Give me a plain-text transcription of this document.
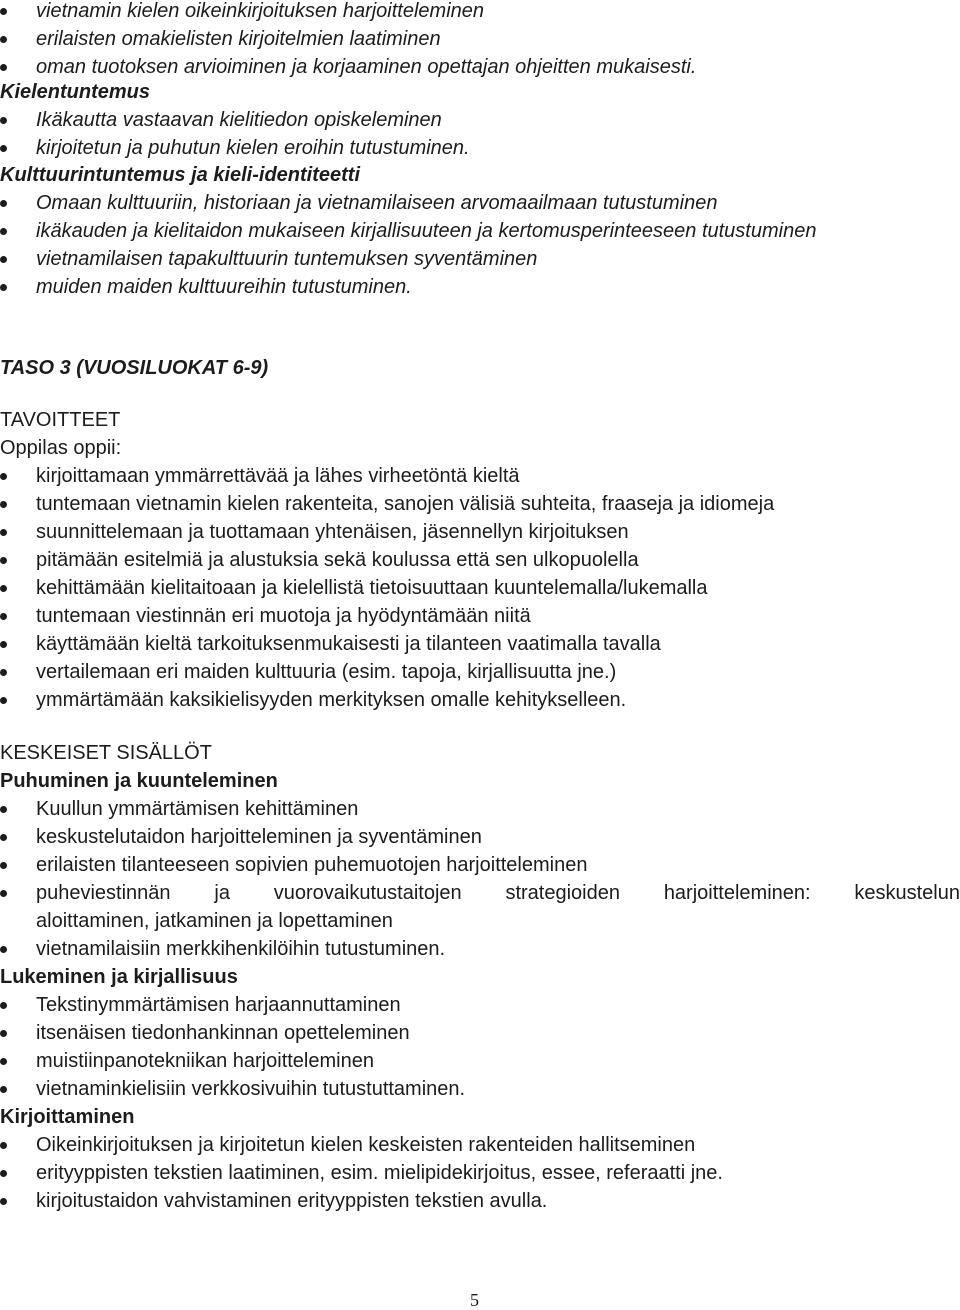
vietnamin kielen oikeinkirjoituksen harjoitteleminen
erilaisten omakielisten kirjoitelmien laatiminen
oman tuotoksen arvioiminen ja korjaaminen opettajan ohjeitten mukaisesti.
Kielentuntemus
Ikäkautta vastaavan kielitiedon opiskeleminen
kirjoitetun ja puhutun kielen eroihin tutustuminen.
Kulttuurintuntemus ja kieli-identiteetti
Omaan kulttuuriin, historiaan ja vietnamilaiseen arvomaailmaan tutustuminen
ikäkauden ja kielitaidon mukaiseen kirjallisuuteen ja kertomusperinteeseen tutustuminen
vietnamilaisen tapakulttuurin tuntemuksen syventäminen
muiden maiden kulttuureihin tutustuminen.
TASO 3 (VUOSILUOKAT 6-9)
TAVOITTEET
Oppilas oppii:
kirjoittamaan ymmärrettävää ja lähes virheetöntä kieltä
tuntemaan vietnamin kielen rakenteita, sanojen välisiä suhteita, fraaseja ja idiomeja
suunnittelemaan ja tuottamaan yhtenäisen, jäsennellyn kirjoituksen
pitämään esitelmiä ja alustuksia sekä koulussa että sen ulkopuolella
kehittämään kielitaitoaan ja kielellistä tietoisuuttaan kuuntelemalla/lukemalla
tuntemaan viestinnän eri muotoja ja hyödyntämään niitä
käyttämään kieltä tarkoituksenmukaisesti ja tilanteen vaatimalla tavalla
vertailemaan eri maiden kulttuuria (esim. tapoja, kirjallisuutta jne.)
ymmärtämään kaksikielisyyden merkityksen omalle kehitykselleen.
KESKEISET SISÄLLÖT
Puhuminen ja kuunteleminen
Kuullun ymmärtämisen kehittäminen
keskustelutaidon harjoitteleminen ja syventäminen
erilaisten tilanteeseen sopivien puhemuotojen harjoitteleminen
puheviestinnän ja vuorovaikutustaitojen strategioiden harjoitteleminen: keskustelun
aloittaminen, jatkaminen ja lopettaminen
vietnamilaisiin merkkihenkilöihin tutustuminen.
Lukeminen ja kirjallisuus
Tekstinymmärtämisen harjaannuttaminen
itsenäisen tiedonhankinnan opetteleminen
muistiinpanotekniikan harjoitteleminen
vietnaminkielisiin verkkosivuihin tutustuttaminen.
Kirjoittaminen
Oikeinkirjoituksen ja kirjoitetun kielen keskeisten rakenteiden hallitseminen
erityyppisten tekstien laatiminen, esim. mielipidekirjoitus, essee, referaatti jne.
kirjoitustaidon vahvistaminen erityyppisten tekstien avulla.
5
